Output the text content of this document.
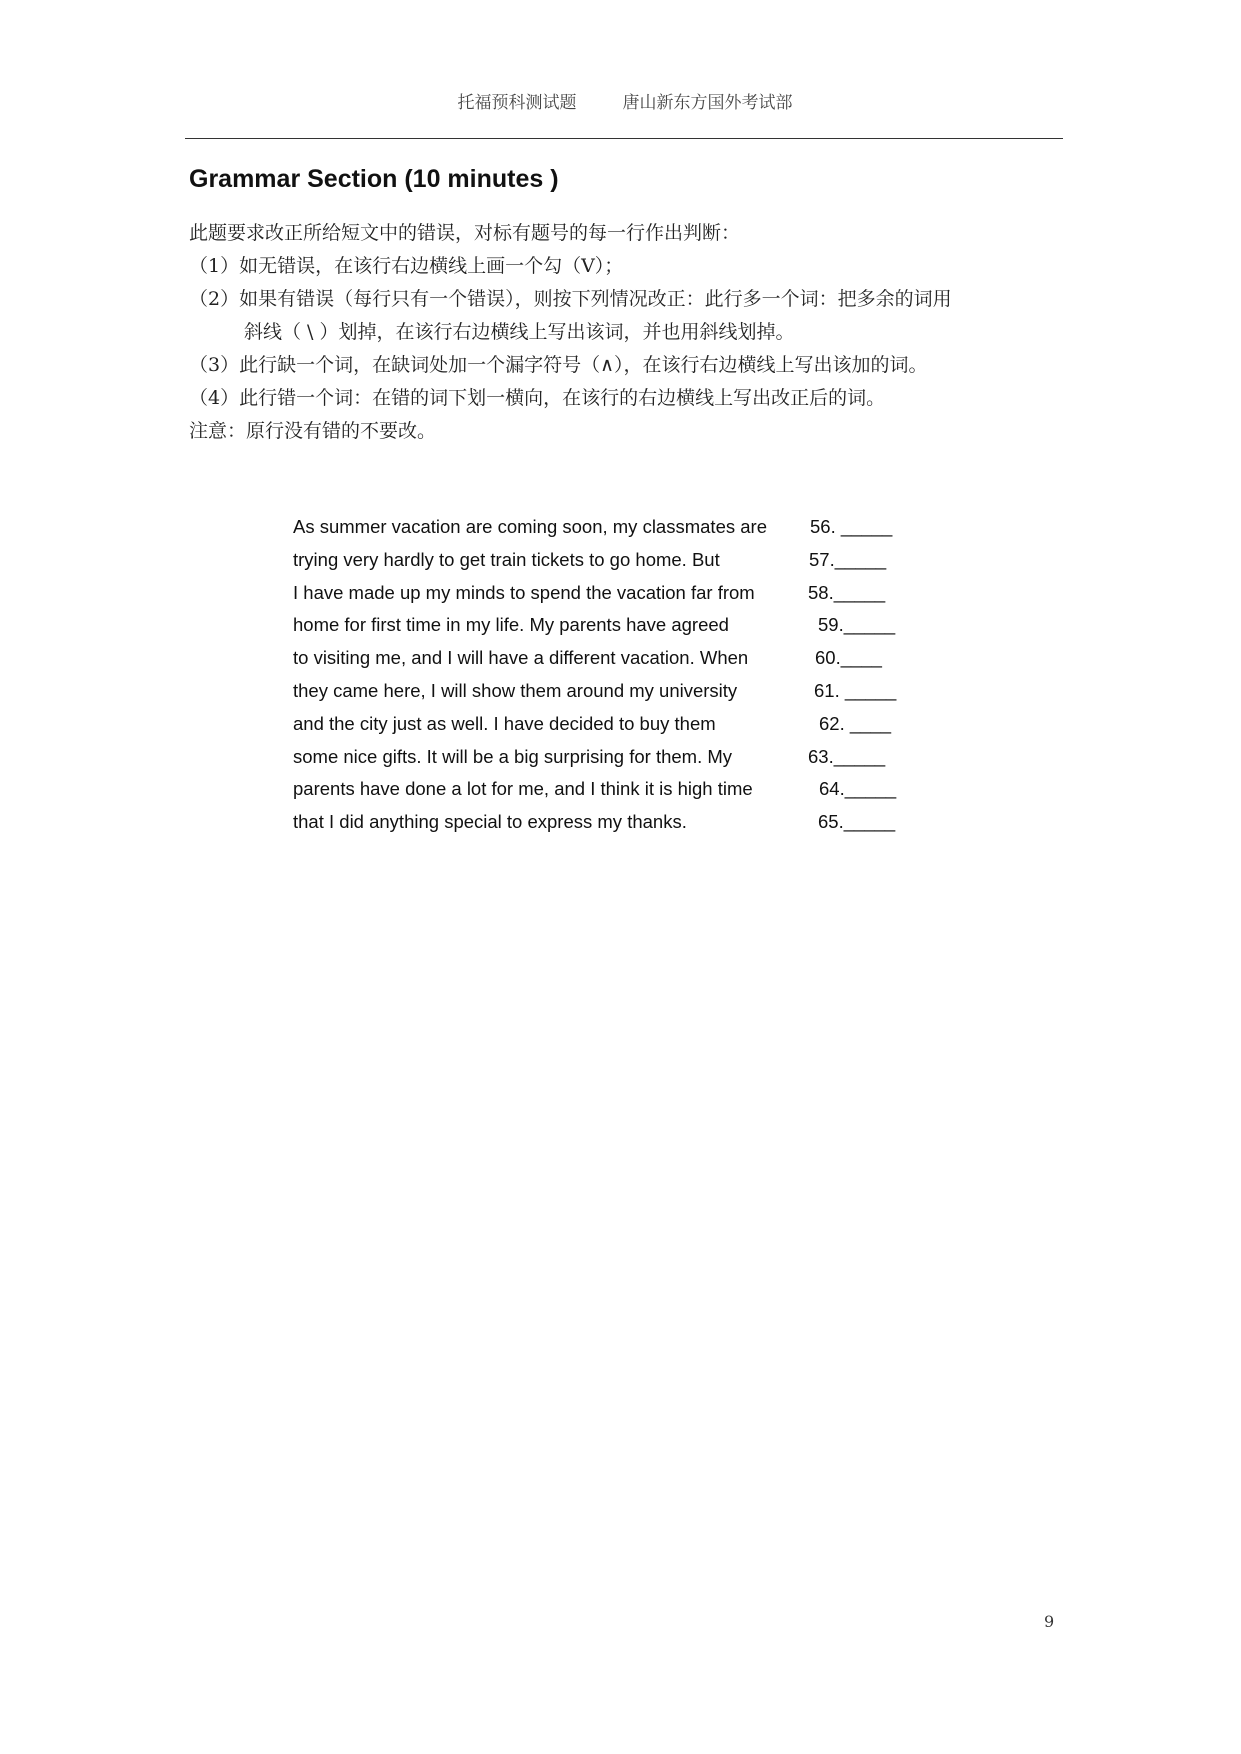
托福预科测试题	唐山新东方国外考试部
Grammar Section (10 minutes )
此题要求改正所给短文中的错误，对标有题号的每一行作出判断：
（1）如无错误，在该行右边横线上画一个勾（V）；
（2）如果有错误（每行只有一个错误），则按下列情况改正：此行多一个词：把多余的词用
斜线（ \ ）划掉，在该行右边横线上写出该词，并也用斜线划掉。
（3）此行缺一个词，在缺词处加一个漏字符号（∧），在该行右边横线上写出该加的词。
（4）此行错一个词：在错的词下划一横向，在该行的右边横线上写出改正后的词。
注意：原行没有错的不要改。
As summer vacation are coming soon, my classmates are 56. _____
trying very hardly to get train tickets to go home. But	57._____
I have made up my minds to spend the vacation far from	58._____
home for first time in my life. My parents have agreed	59._____
to visiting me, and I will have a different vacation. When	60.____
they came here, I will show them around my university	61. _____
and the city just as well. I have decided to buy them	62. ____
some nice gifts. It will be a big surprising for them. My	63._____
parents have done a lot for me, and I think it is high time	64._____
that I did anything special to express my thanks.	65._____
9
